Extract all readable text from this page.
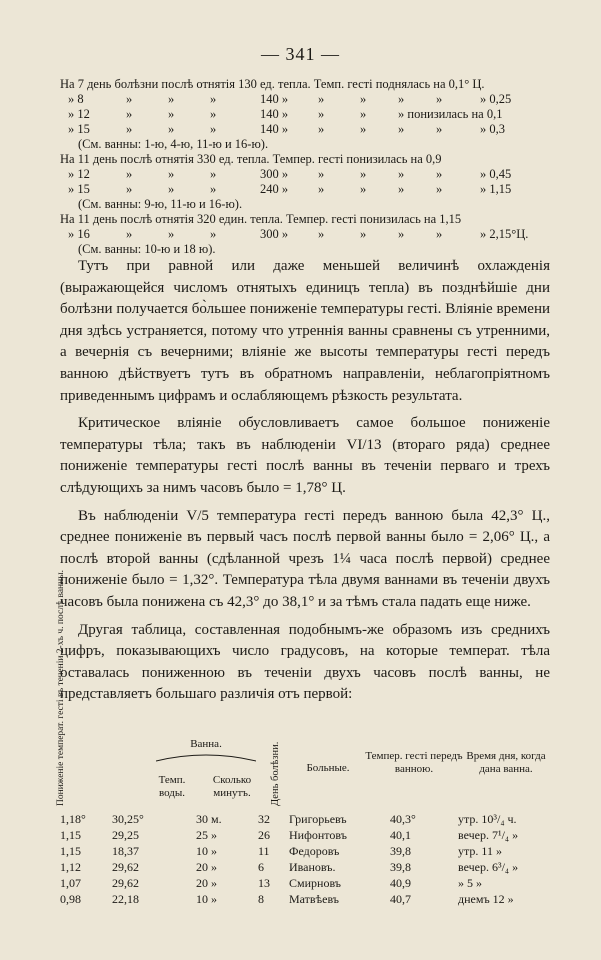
— 341 —
На 7 день болѣзни послѣ отнятія 130 ед. тепла. Темп. гесті поднялась на 0,1° Ц.
» 8	»	»	»	140 » »	»	»	»	» 0,25
» 12	»	»	»	140 » »	»	» понизилась на 0,1
» 15	»	»	»	140 » »	»	»	»	» 0,3
(См. ванны: 1-ю, 4-ю, 11-ю и 16-ю).
На 11 день послѣ отнятія 330 ед. тепла. Темпер. гесті понизилась на 0,9
» 12	»	»	»	300 » »	»	»	»	» 0,45
» 15	»	»	»	240 » »	»	»	»	» 1,15
(См. ванны: 9-ю, 11-ю и 16-ю).
На 11 день послѣ отнятія 320 един. тепла. Темпер. гесті понизилась на 1,15
» 16	»	»	»	300 » »	»	»	»	» 2,15°Ц.
(См. ванны: 10-ю и 18 ю).

Тутъ при равной или даже меньшей величинѣ охлажденія (выражающейся числомъ отнятыхъ единицъ тепла) въ позднѣйшіе дни болѣзни получается бо̀льшее пониженіе температуры гесті. Вліяніе времени дня здѣсь устраняется, потому что утреннія ванны сравнены съ утренними, а вечернія съ вечерними; вліяніе же высоты температуры гесті передъ ванною дѣйствуетъ тутъ въ обратномъ направленіи, неблагопріятномъ приведеннымъ цифрамъ и ослабляющемъ рѣзкость результата.

Критическое вліяніе обусловливаетъ самое большое пониженіе температуры тѣла; такъ въ наблюденіи VI/13 (втораго ряда) среднее пониженіе температуры гесті послѣ ванны въ теченіи перваго и трехъ слѣдующихъ за нимъ часовъ было = 1,78° Ц.

Въ наблюденіи V/5 температура гесті передъ ванною была 42,3° Ц., среднее пониженіе въ первый часъ послѣ первой ванны было = 2,06° Ц., а послѣ второй ванны (сдѣланной чрезъ 1¼ часа послѣ первой) среднее пониженіе было = 1,32°. Температура тѣла двумя ваннами въ теченіи двухъ часовъ была понижена съ 42,3° до 38,1° и за тѣмъ стала падать еще ниже.

Другая таблица, составленная подобнымъ-же образомъ изъ среднихъ цифръ, показывающихъ число градусовъ, на которые температ. тѣла оставалась пониженною въ теченіи двухъ часовъ послѣ ванны, не представляетъ большаго различія отъ первой:

Пониженіе температ. гесті въ теченіи 2-хъ ч. послѣ ванны.	Ванна.
Темп. воды.
Сколько минутъ.	День болѣзни.	Больные.
Темпер. гесті передъ ванною.
Время дня, когда дана ванна.
1,18° 30,25°	30 м.	32 Григорьевъ	40,3°	утр. 10³/₄ ч.
1,15	29,25	25 »	26 Нифонтовъ	40,1	вечер. 7¹/₄ »
1,15	18,37	10 »	11 Федоровъ	39,8	утр. 11 »
1,12	29,62	20 »	6 Ивановъ.	39,8	вечер. 6³/₄ »
1,07	29,62	20 »	13 Смирновъ	40,9	» 5 »
0,98	22,18	10 »	8 Матвѣевъ	40,7	днемъ 12 »
